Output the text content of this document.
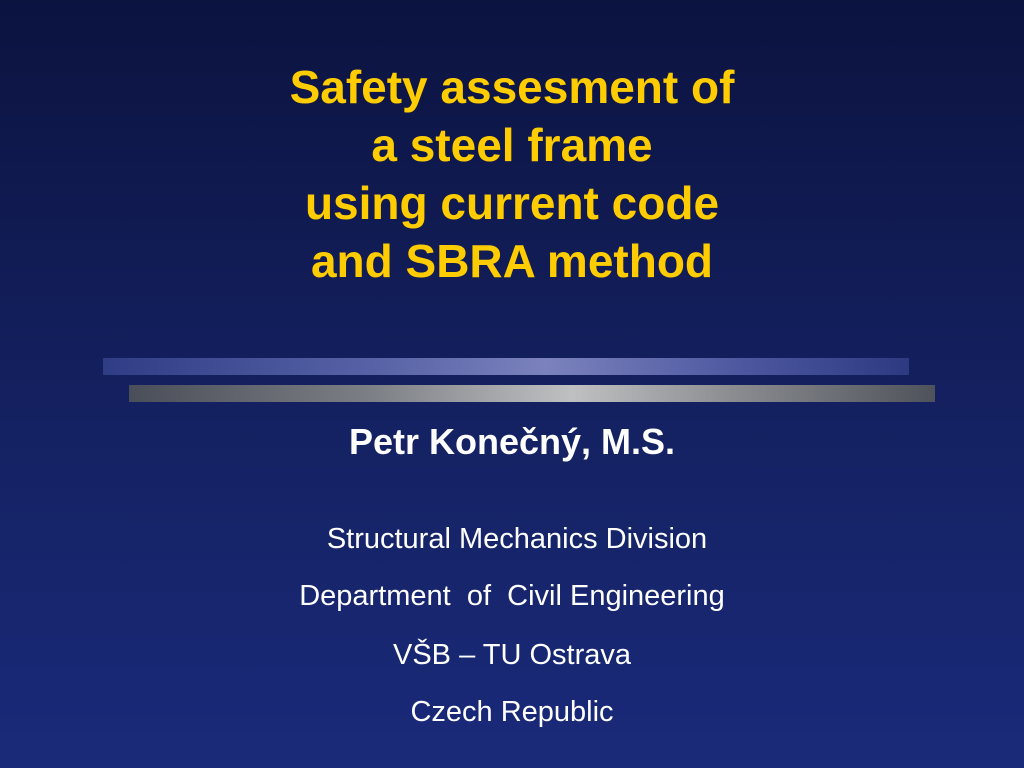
Safety assesment of
a steel frame
using current code
and SBRA method
Petr Konečný, M.S.
Structural Mechanics Division
Department  of  Civil Engineering
VŠB – TU Ostrava
Czech Republic
